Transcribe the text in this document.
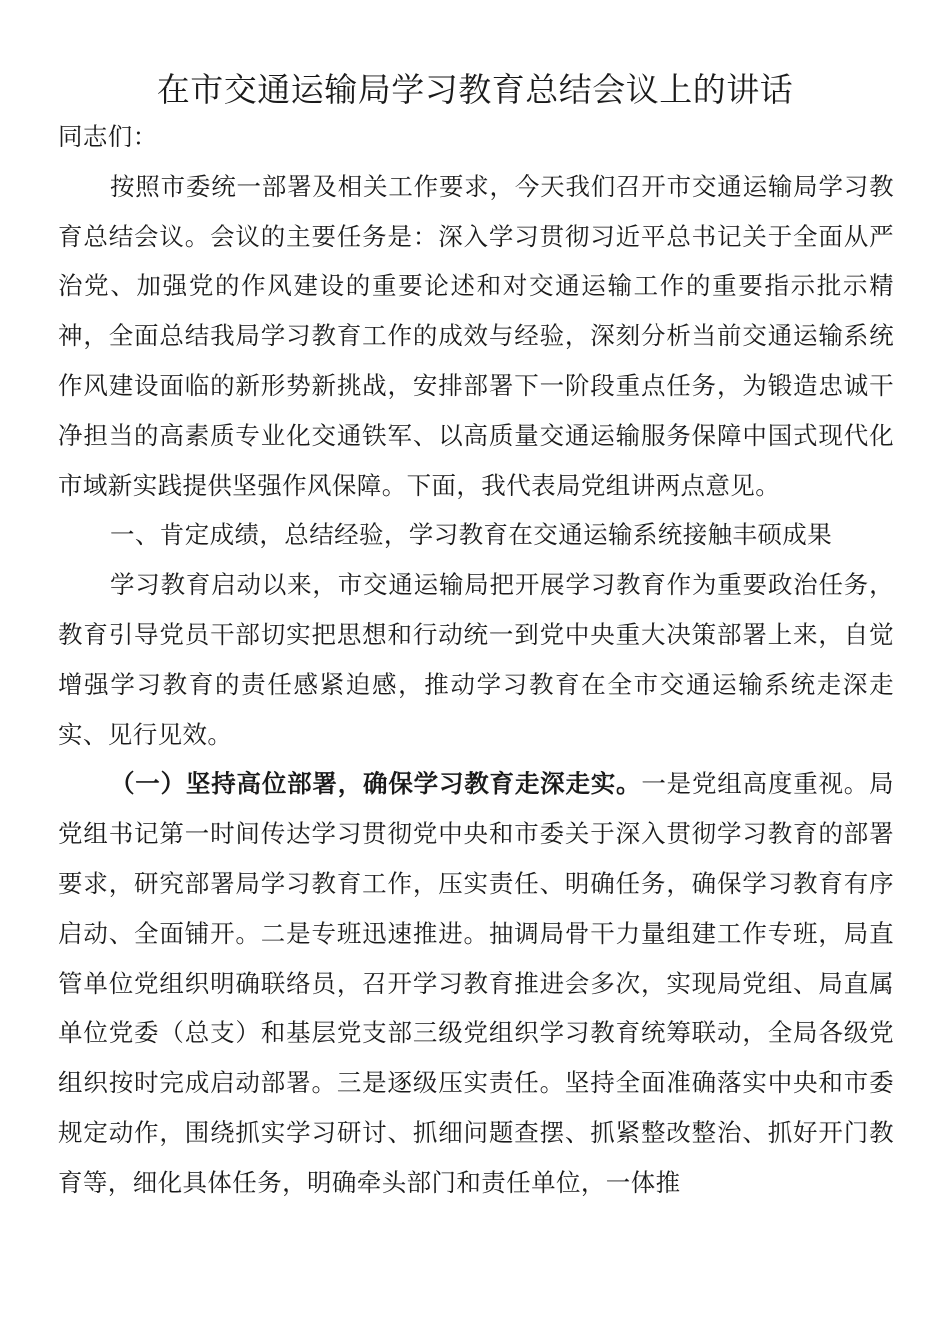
在市交通运输局学习教育总结会议上的讲话

同志们：

按照市委统一部署及相关工作要求，今天我们召开市交通运输局学习教育总结会议。会议的主要任务是：深入学习贯彻习近平总书记关于全面从严治党、加强党的作风建设的重要论述和对交通运输工作的重要指示批示精神，全面总结我局学习教育工作的成效与经验，深刻分析当前交通运输系统作风建设面临的新形势新挑战，安排部署下一阶段重点任务，为锻造忠诚干净担当的高素质专业化交通铁军、以高质量交通运输服务保障中国式现代化市域新实践提供坚强作风保障。下面，我代表局党组讲两点意见。

一、肯定成绩，总结经验，学习教育在交通运输系统接触丰硕成果

学习教育启动以来，市交通运输局把开展学习教育作为重要政治任务，教育引导党员干部切实把思想和行动统一到党中央重大决策部署上来，自觉增强学习教育的责任感紧迫感，推动学习教育在全市交通运输系统走深走实、见行见效。

（一）坚持高位部署，确保学习教育走深走实。一是党组高度重视。局党组书记第一时间传达学习贯彻党中央和市委关于深入贯彻学习教育的部署要求，研究部署局学习教育工作，压实责任、明确任务，确保学习教育有序启动、全面铺开。二是专班迅速推进。抽调局骨干力量组建工作专班，局直管单位党组织明确联络员，召开学习教育推进会多次，实现局党组、局直属单位党委（总支）和基层党支部三级党组织学习教育统筹联动，全局各级党组织按时完成启动部署。三是逐级压实责任。坚持全面准确落实中央和市委规定动作，围绕抓实学习研讨、抓细问题查摆、抓紧整改整治、抓好开门教育等，细化具体任务，明确牵头部门和责任单位，一体推
